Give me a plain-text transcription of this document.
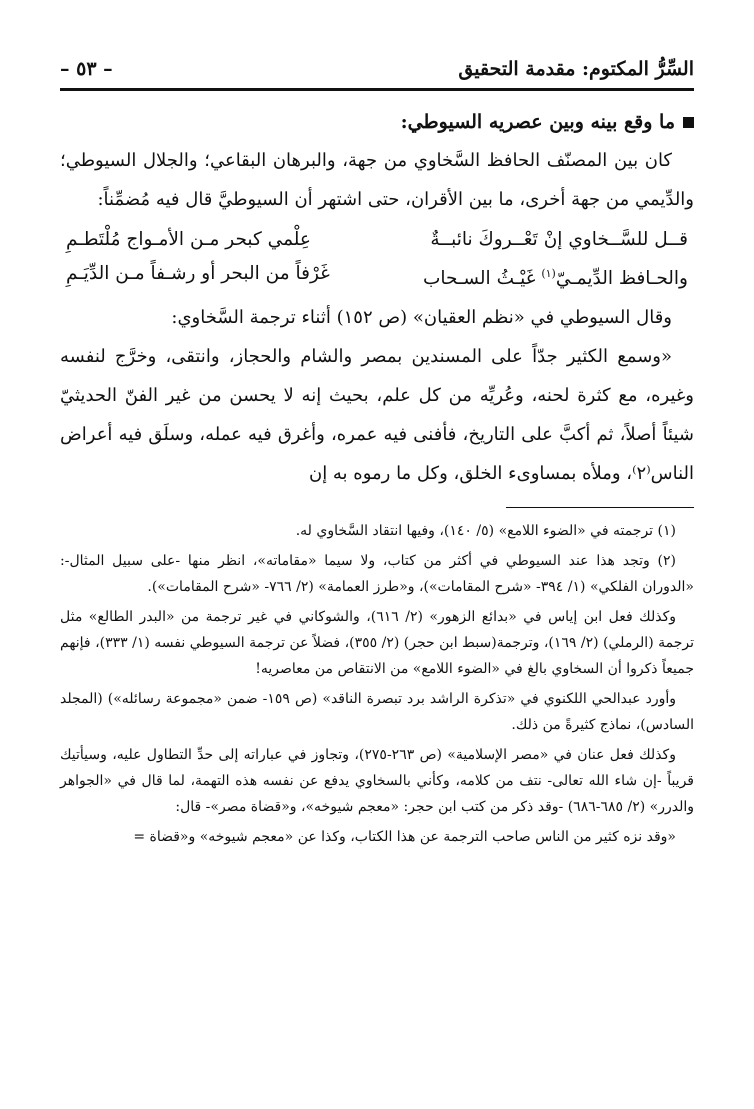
السِّرُّ المكتوم: مقدمة التحقيق
– ٥٣ –
ما وقع بينه وبين عصريه السيوطي:

كان بين المصنّف الحافظ السَّخاوي من جهة، والبرهان البقاعي؛ والجلال السيوطي؛ والدِّيمي من جهة أخرى، ما بين الأقران، حتى اشتهر أن السيوطيَّ قال فيه مُضمِّناً:

قــل للسَّــخاوي إنْ تَعْــروكَ نائبــةٌ
عِلْمي كبحر مـن الأمـواج مُلْتَطـمِ
والحـافظ الدِّيمـيّ$^{(١)}$ غَيْـثُ السـحاب
غَرْفاً من البحر أو رشـفاً مـن الدِّيَـمِ

وقال السيوطي في «نظم العقيان» (ص ١٥٢) أثناء ترجمة السَّخاوي:

«وسمع الكثير جدّاً على المسندين بمصر والشام والحجاز، وانتقى، وخرَّج لنفسه وغيره، مع كثرة لحنه، وعُريِّه من كل علم، بحيث إنه لا يحسن من غير الفنّ الحديثيّ شيئاً أصلاً، ثم أكبَّ على التاريخ، فأفنى فيه عمره، وأغرق فيه عمله، وسلَق فيه أعراض الناس⁽٢⁾، وملأه بمساوىء الخلق، وكل ما رموه به إن

(١) ترجمته في «الضوء اللامع» (٥/ ١٤٠)، وفيها انتقاد السَّخاوي له.

(٢) وتجد هذا عند السيوطي في أكثر من كتاب، ولا سيما «مقاماته»، انظر منها -على سبيل المثال-: «الدوران الفلكي» (١/ ٣٩٤- «شرح المقامات»)، و«طرز العمامة» (٢/ ٧٦٦- «شرح المقامات»).

وكذلك فعل ابن إياس في «بدائع الزهور» (٢/ ٦١٦)، والشوكاني في غير ترجمة من «البدر الطالع» مثل ترجمة (الرملي) (٢/ ١٦٩)، وترجمة(سبط ابن حجر) (٢/ ٣٥٥)، فضلاً عن ترجمة السيوطي نفسه (١/ ٣٣٣)، فإنهم جميعاً ذكروا أن السخاوي بالغ في «الضوء اللامع» من الانتقاص من معاصريه!

وأورد عبدالحي اللكنوي في «تذكرة الراشد برد تبصرة الناقد» (ص ١٥٩- ضمن «مجموعة رسائله») (المجلد السادس)، نماذج كثيرةً من ذلك.

وكذلك فعل عنان في «مصر الإسلامية» (ص ٢٦٣-٢٧٥)، وتجاوز في عباراته إلى حدِّ التطاول عليه، وسيأتيك قريباً -إن شاء الله تعالى- نتف من كلامه، وكأني بالسخاوي يدفع عن نفسه هذه التهمة، لما قال في «الجواهر والدرر» (٢/ ٦٨٥-٦٨٦) -وقد ذكر من كتب ابن حجر: «معجم شيوخه»، و«قضاة مصر»- قال:

«وقد نزه كثير من الناس صاحب الترجمة عن هذا الكتاب، وكذا عن «معجم شيوخه» و«قضاة =
